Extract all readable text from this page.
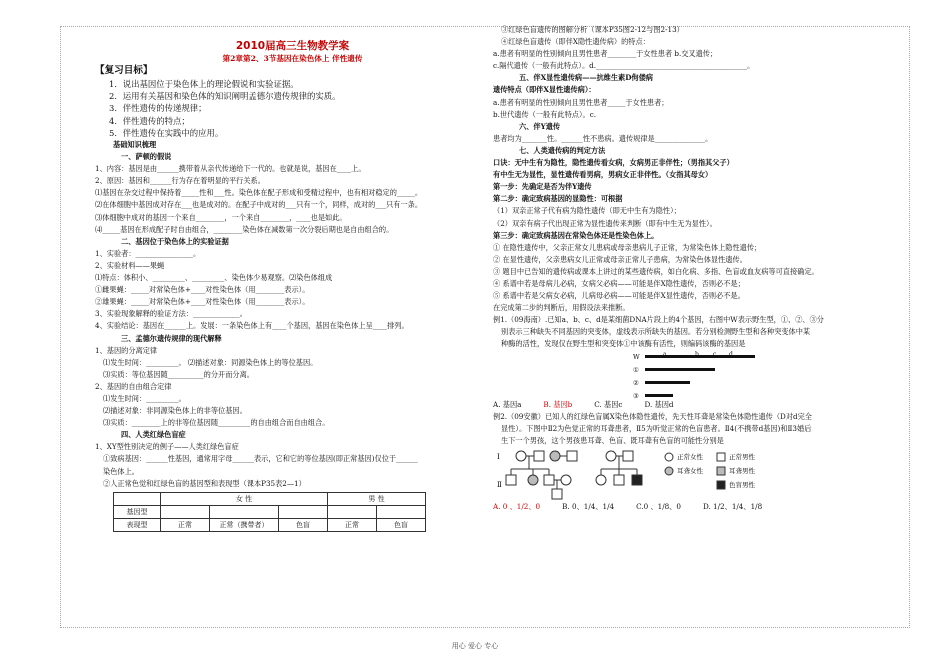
2010届高三生物教学案
第2章第2、3节基因在染色体上 伴性遗传
【复习目标】
1．说出基因位于染色体上的理论假说和实验证据。
2．运用有关基因和染色体的知识阐明孟德尔遗传规律的实质。
3．伴性遗传的传递规律；
4．伴性遗传的特点；
5．伴性遗传在实践中的应用。
基础知识梳理
一、萨顿的假说
1、内容：基因是由______携带着从亲代传递给下一代的。也就是说，基因在____上。
2、原因：基因和______行为存在着明显的平行关系。
⑴基因在杂交过程中保持着_____性和___性。染色体在配子形成和受精过程中，也有相对稳定的_____。
⑵在体细胞中基因成对存在___也是成对的。在配子中成对的___只有一个，同样，成对的___只有一条。
⑶体细胞中成对的基因一个来自________，一个来自________，____也是如此。
⑷_____基因在形成配子时自由组合，________染色体在减数第一次分裂后期也是自由组合的。
二、基因位于染色体上的实验证据
1、实验者：________________。
2、实验材料——果蝇
⑴特点：体积小、_________、_________、染色体少易观察。⑵染色体组成
①雌果蝇：_____对常染色体+____对性染色体（用________表示）。
②雄果蝇：_____对常染色体+____对性染色体（用________表示）。
3、实验现象解释的验证方法：_____________。
4、实验结论：基因在______上。发展：一条染色体上有____个基因，基因在染色体上呈____排列。
三、孟德尔遗传规律的现代解释
1、基因的分离定律
⑴发生时间：_________。 ⑵描述对象：同源染色体上的等位基因。
⑶实质：等位基因随__________的分开而分离。
2、基因的自由组合定律
⑴发生时间：_________。
⑵描述对象：非同源染色体上的非等位基因。
⑶实质：________上的非等位基因随_________的自由组合而自由组合。
四、人类红绿色盲症
1、XY型性别决定的例子——人类红绿色盲症
①致病基因：______性基因，通常用字母______表示，它和它的等位基因(即正常基因)仅位于______
染色体上。
②人正常色觉和红绿色盲的基因型和表现型（课本P35表2—1）
	女 性			男 性	
基因型					
表现型	正常	正常（携带者）	色盲	正常	色盲
③红绿色盲遗传的图解分析（课本P35图2-12与图2-13）
④红绿色盲遗传（即伴X隐性遗传病）的特点：
a.患者有明显的性别倾向且男性患者________于女性患者 b.交叉遗传；
c.隔代遗传（一般有此特点）。d.__________________________________________。
五、伴X显性遗传病——抗维生素D佝偻病
遗传特点（即伴X显性遗传病）：
a.患者有明显的性别倾向且男性患者_____于女性患者；
b.世代遗传（一般有此特点）。c.
六、伴Y遗传
患者均为_______性。______性不患病。遗传规律是______________。
七、人类遗传病的判定方法
口诀：无中生有为隐性，隐性遗传看女病，女病男正非伴性；（男指其父子）
有中生无为显性，显性遗传看男病，男病女正非伴性。（女指其母女）
第一步：先确定是否为伴Y遗传
第二步：确定致病基因的显隐性：可根据
（1）双亲正常子代有病为隐性遗传（即无中生有为隐性）；
（2）双亲有病子代出现正常为显性遗传来判断（即有中生无为显性）。
第三步：确定致病基因在常染色体还是性染色体上。
① 在隐性遗传中，父亲正常女儿患病或母亲患病儿子正常，为常染色体上隐性遗传；
② 在显性遗传，父亲患病女儿正常或母亲正常儿子患病，为常染色体显性遗传。
③ 题目中已告知的遗传病或课本上讲过的某些遗传病，如白化病、多指、色盲或血友病等可直接确定。
④ 系谱中若是母病儿必病，女病父必病——可能是伴X隐性遗传，否则必不是；
⑤ 系谱中若是父病女必病，儿病母必病——可能是伴X显性遗传，否则必不是。
在完成第二步的判断后，用假设法来推断。
例1.（09海南）.已知a、b、c、d是某细菌DNA片段上的4个基因，右图中W表示野生型，①、②、③分
别表示三种缺失不同基因的突变体，虚线表示所缺失的基因。若分别检测野生型和各种突变体中某
种酶的活性，发现仅在野生型和突变体①中该酶有活性，则编码该酶的基因是
W	a	b c d
①
②
③
A. 基因a	B. 基因b	C. 基因c	D. 基因d
例2.（09安徽）已知人的红绿色盲属X染色体隐性遗传，先天性耳聋是常染色体隐性遗传（D对d完全
显性）。下图中Ⅱ2为色觉正常的耳聋患者，Ⅱ5为听觉正常的色盲患者。Ⅱ4(不携带d基因)和Ⅱ3婚后
生下一个男孩，这个男孩患耳聋、色盲、既耳聋有色盲的可能性分别是
Ⅰ
Ⅱ
正常女性	正常男性
耳聋女性	耳聋男性
色盲男性
A. 0 、1/2、0	B. 0、1/4、1/4	C.0 、1/8、0	D. 1/2、1/4、1/8
用心 爱心 专心
